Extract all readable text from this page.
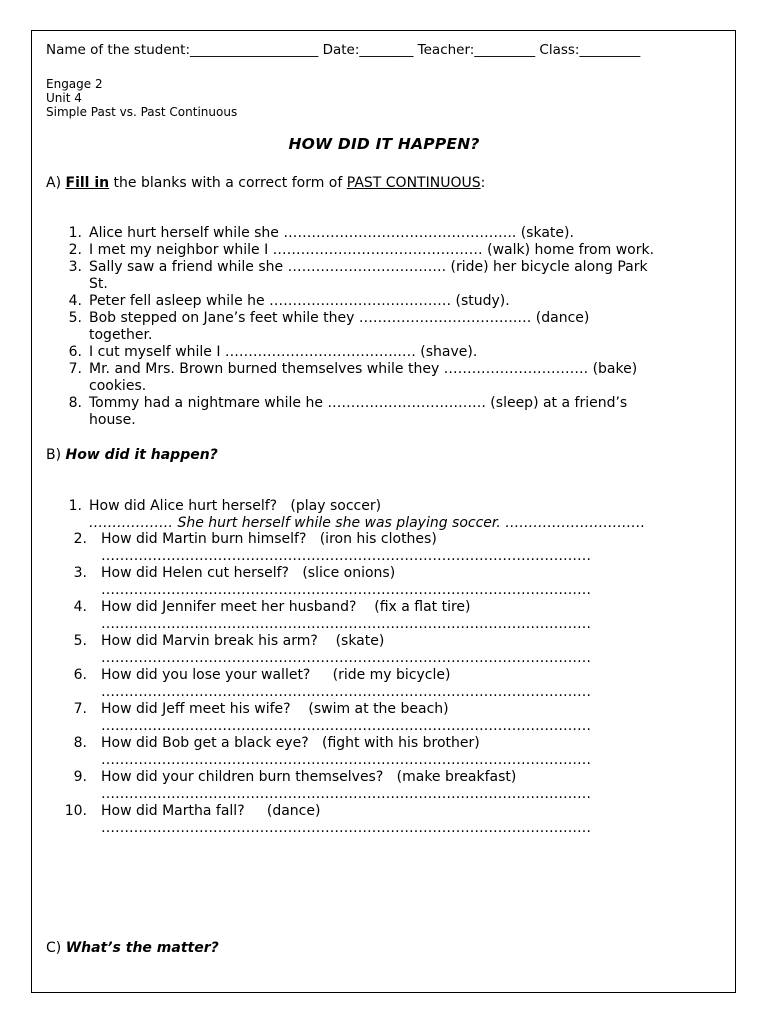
Name of the student:___________________ Date:________ Teacher:_________ Class:_________
Engage 2
Unit 4
Simple Past vs. Past Continuous
HOW DID IT HAPPEN?
A) Fill in the blanks with a correct form of PAST CONTINUOUS:
1. Alice hurt herself while she ………………………………………….. (skate).
2. I met my neighbor while I ……………………………………… (walk) home from work.
3. Sally saw a friend while she ……………………………. (ride) her bicycle along Park
St.
4. Peter fell asleep while he ………………………………… (study).
5. Bob stepped on Jane’s feet while they …………………………….… (dance)
together.
6. I cut myself while I ………………………………..… (shave).
7. Mr. and Mrs. Brown burned themselves while they …………………………. (bake)
cookies.
8. Tommy had a nightmare while he ……………………………. (sleep) at a friend’s
house.
B) How did it happen?
1. How did Alice hurt herself?   (play soccer)
……………… She hurt herself while she was playing soccer. …………………………
2. How did Martin burn himself?   (iron his clothes)
……………………………………………………………………………………………
3. How did Helen cut herself?   (slice onions)
……………………………………………………………………………………………
4. How did Jennifer meet her husband?    (fix a flat tire)
……………………………………………………………………………………………
5. How did Marvin break his arm?    (skate)
……………………………………………………………………………………………
6. How did you lose your wallet?     (ride my bicycle)
……………………………………………………………………………………………
7. How did Jeff meet his wife?    (swim at the beach)
……………………………………………………………………………………………
8. How did Bob get a black eye?   (fight with his brother)
……………………………………………………………………………………………
9. How did your children burn themselves?   (make breakfast)
……………………………………………………………………………………………
10. How did Martha fall?     (dance)
……………………………………………………………………………………………
C) What’s the matter?
